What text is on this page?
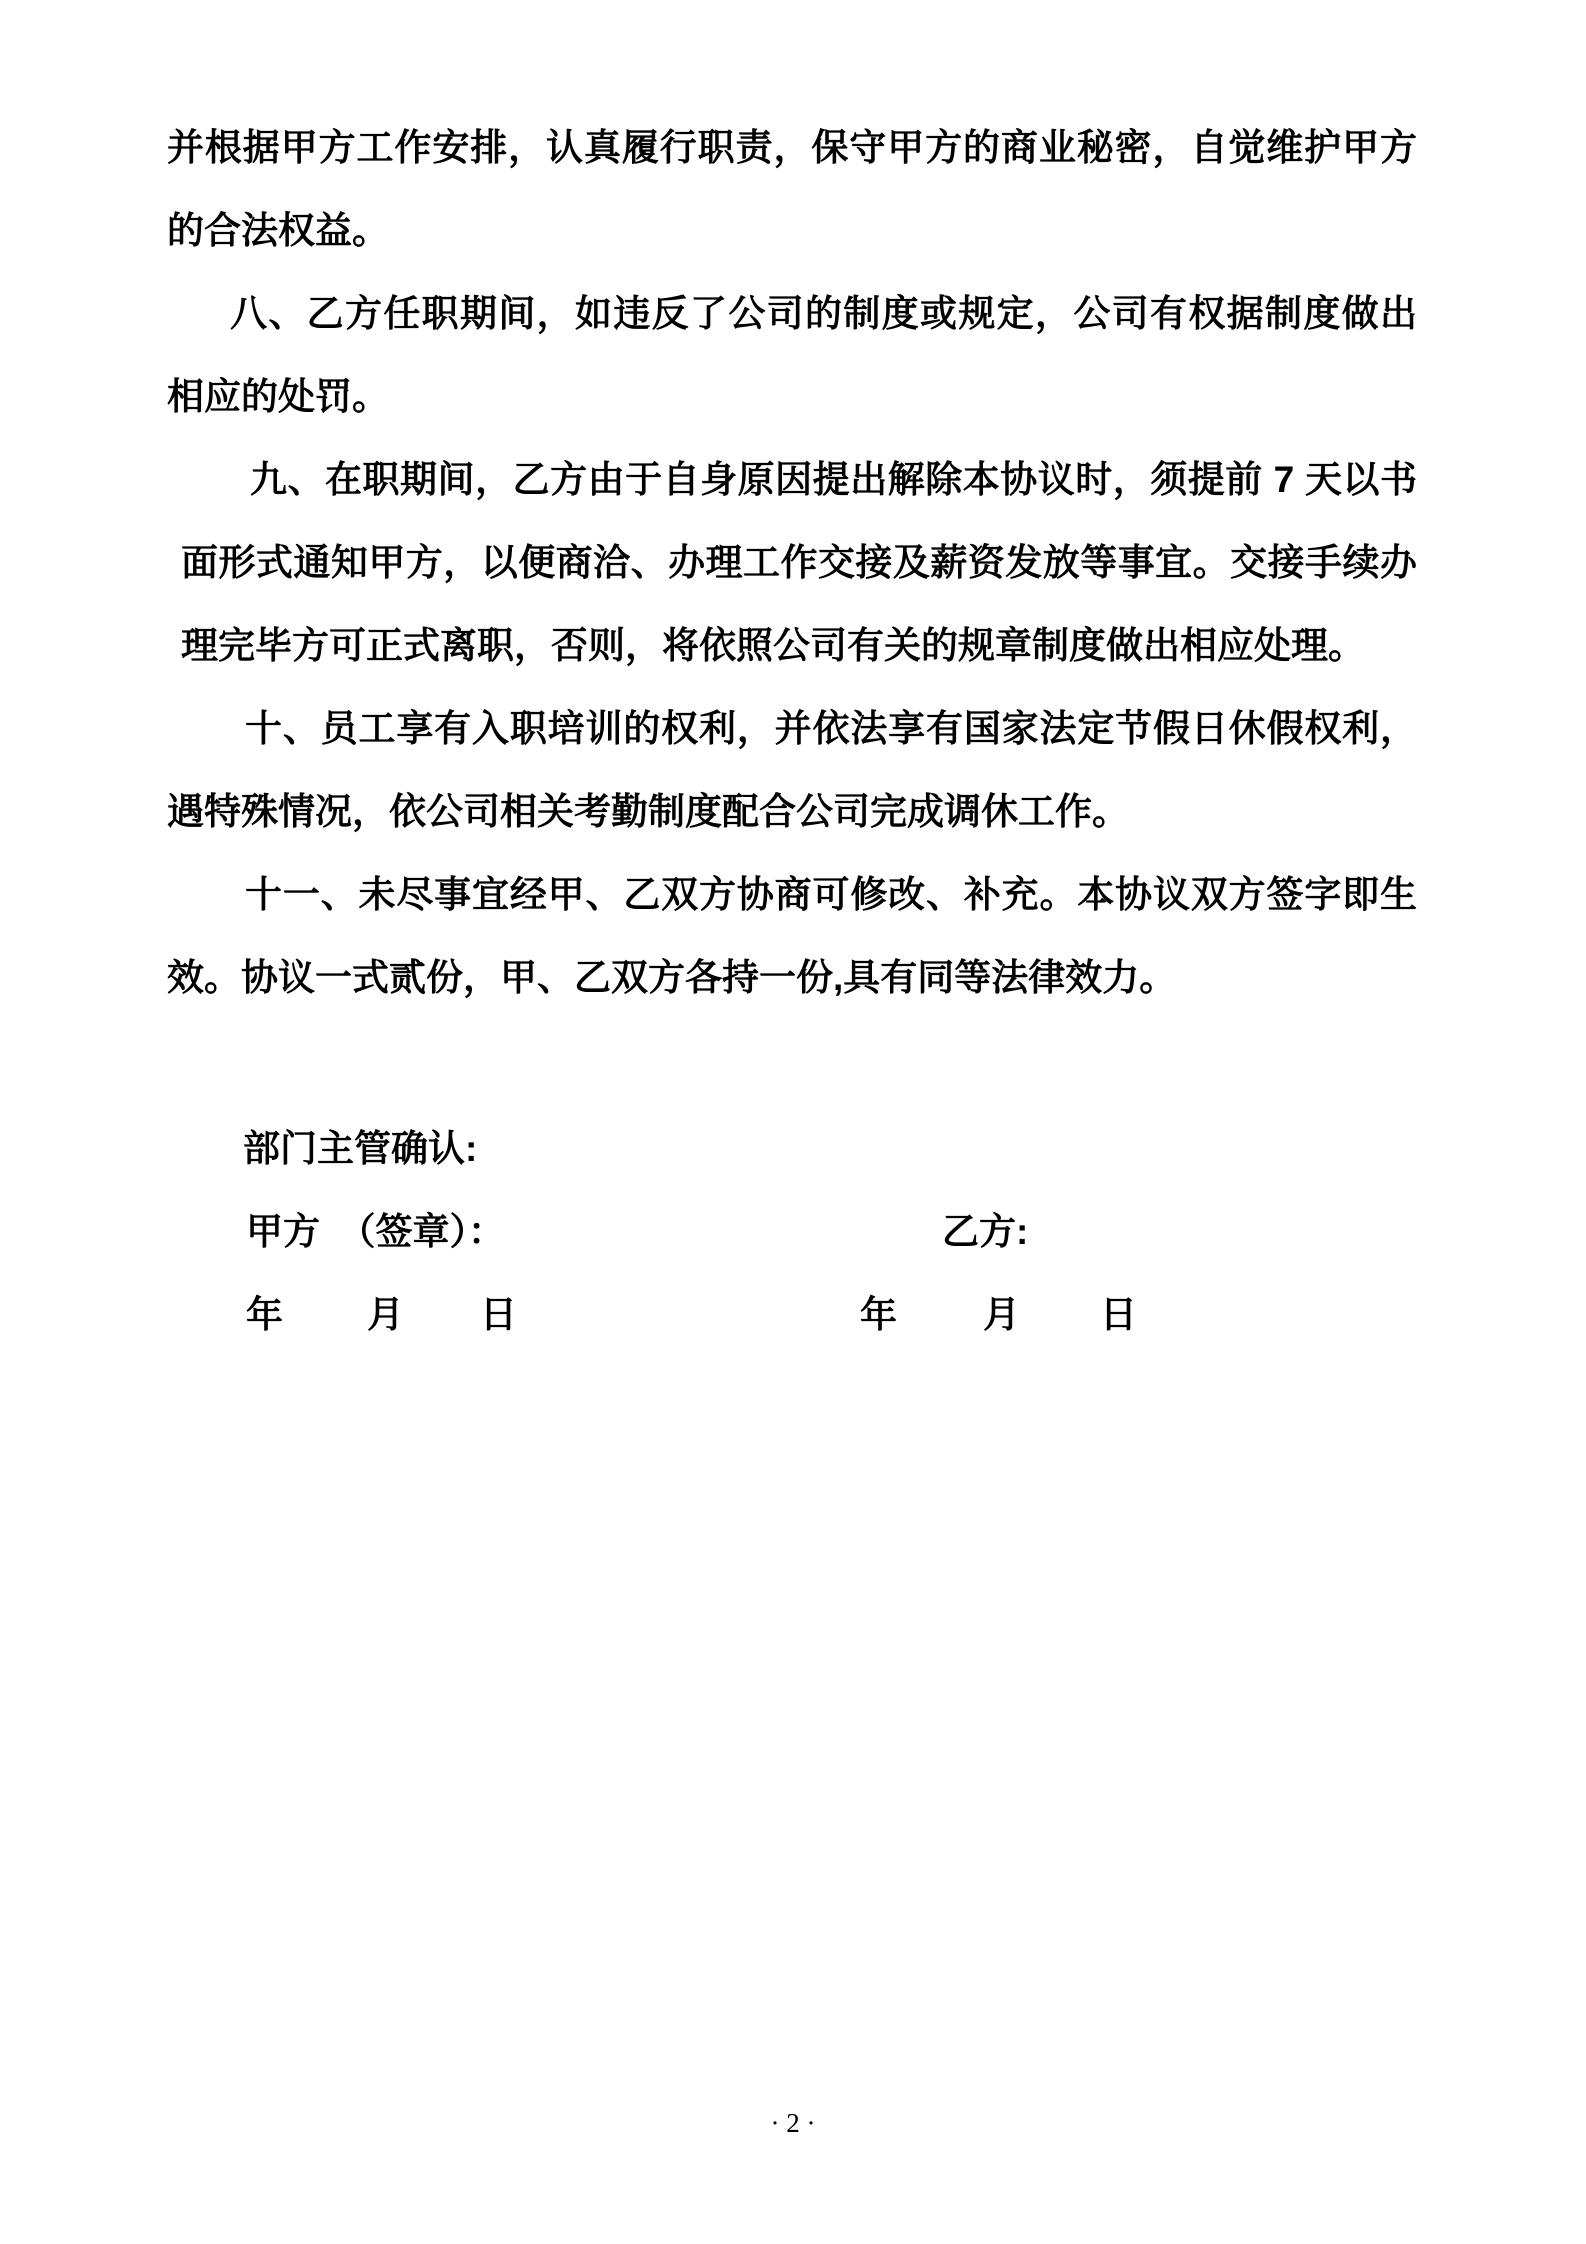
并根据甲方工作安排，认真履行职责，保守甲方的商业秘密，自觉维护甲方
的合法权益。
八、乙方任职期间，如违反了公司的制度或规定，公司有权据制度做出
相应的处罚。
九、在职期间，乙方由于自身原因提出解除本协议时，须提前 7 天以书
面形式通知甲方，以便商洽、办理工作交接及薪资发放等事宜。交接手续办
理完毕方可正式离职，否则，将依照公司有关的规章制度做出相应处理。
十、员工享有入职培训的权利，并依法享有国家法定节假日休假权利，
遇特殊情况，依公司相关考勤制度配合公司完成调休工作。
十一、未尽事宜经甲、乙双方协商可修改、补充。本协议双方签字即生
效。协议一式贰份，甲、乙双方各持一份,具有同等法律效力。
部门主管确认:
甲方　（签章）：	乙方:
年 月 日	年 月 日
· 2 ·
